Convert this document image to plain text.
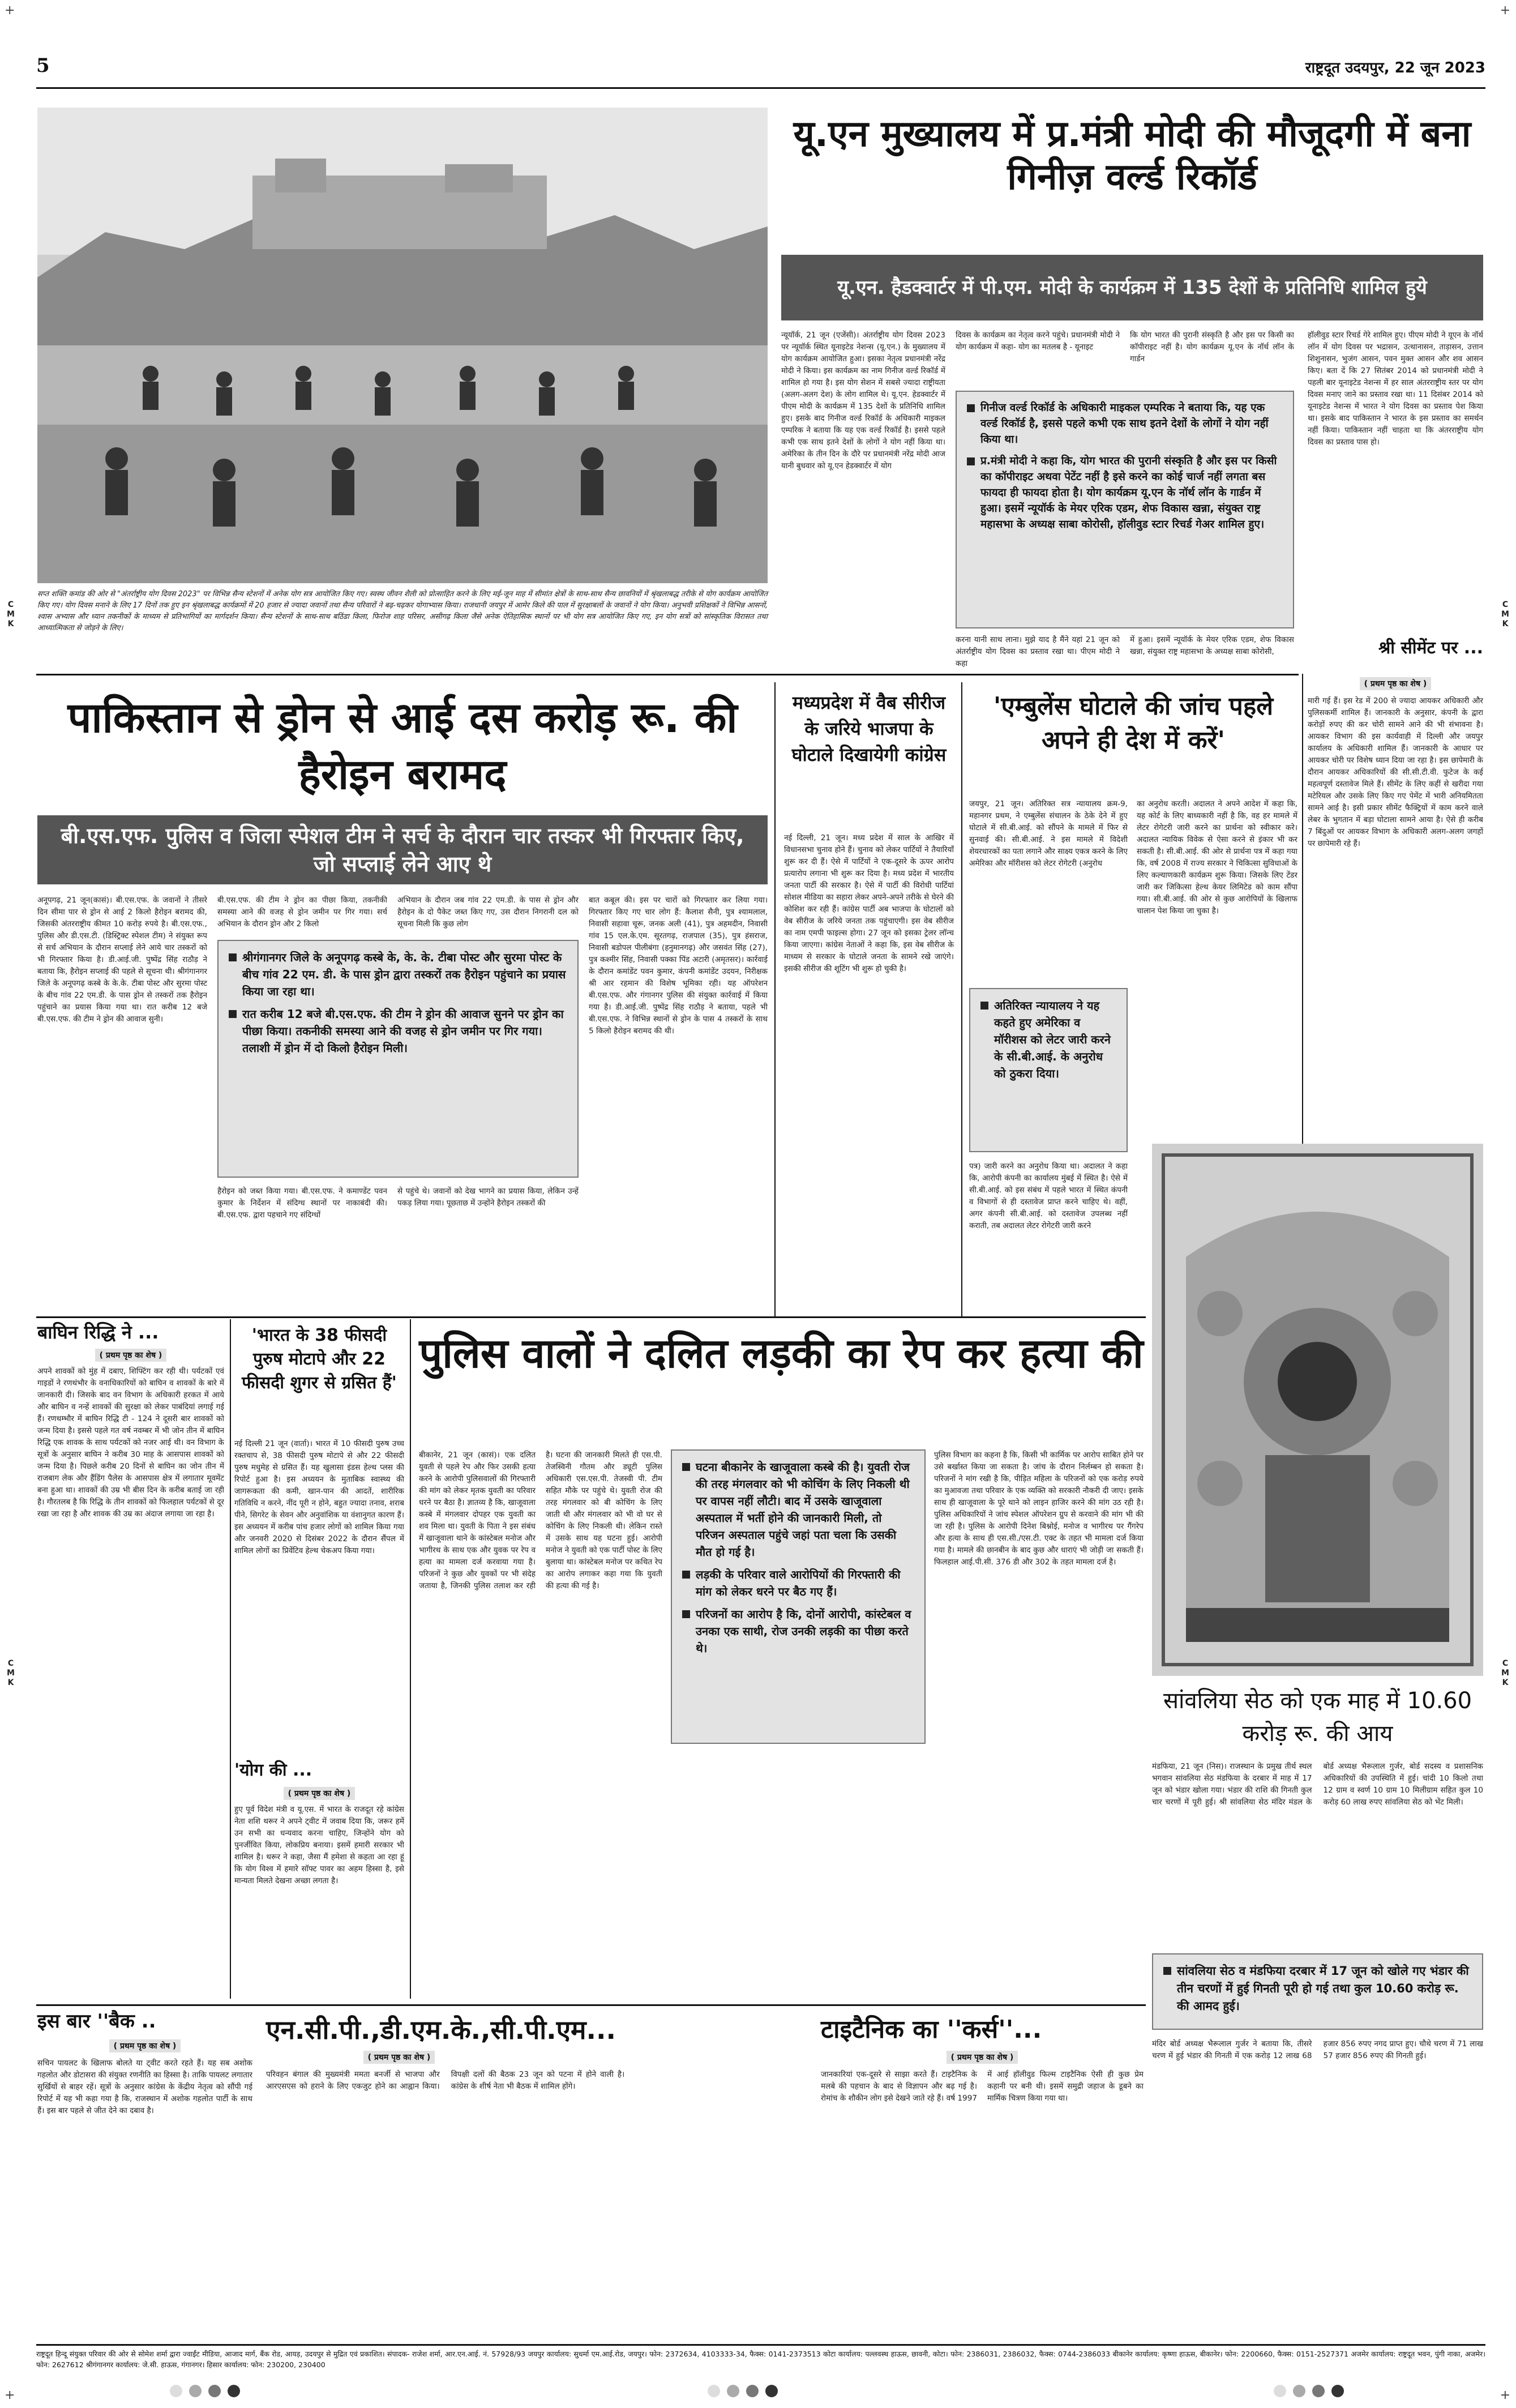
+	+
+	+
C
M
K
C
M
K
C
M
K
C
M
K
5	राष्ट्रदूत उदयपुर, 22 जून 2023
सप्त शक्ति कमांड की ओर से "अंतर्राष्ट्रीय योग दिवस 2023" पर विभिन्न सैन्य स्टेशनों में अनेक योग सत्र आयोजित किए गए। स्वस्थ जीवन शैली को प्रोत्साहित करने के लिए मई-जून माह में सीमांत क्षेत्रों के साथ-साथ सैन्य छावनियों में श्रृंखलाबद्ध तरीके से योग कार्यक्रम आयोजित किए गए। योग दिवस मनाने के लिए 17 दिनों तक हुए इन श्रृंखलाबद्ध कार्यक्रमों में 20 हजार से ज्यादा जवानों तथा सैन्य परिवारों ने बढ़-चढ़कर योगाभ्यास किया। राजधानी जयपुर में आमेर किले की पाल में सुरक्षाबलों के जवानों ने योग किया। अनुभवी प्रशिक्षकों ने विभिन्न आसनों, श्वास अभ्यास और ध्यान तकनीकों के माध्यम से प्रतिभागियों का मार्गदर्शन किया। सैन्य स्टेशनों के साथ-साथ बठिंडा किला, फिरोज शाह परिसर, असीगढ़ किला जैसे अनेक ऐतिहासिक स्थानों पर भी योग सत्र आयोजित किए गए, इन योग सत्रों को सांस्कृतिक विरासत तथा आध्यात्मिकता से जोड़ने के लिए।
यू.एन मुख्यालय में प्र.मंत्री मोदी की मौजूदगी में बना गिनीज़ वर्ल्ड रिकॉर्ड
यू.एन. हैडक्वार्टर में पी.एम. मोदी के कार्यक्रम में 135 देशों के प्रतिनिधि शामिल हुये
न्यूयॉर्क, 21 जून (एजेंसी)। अंतर्राष्ट्रीय योग दिवस 2023 पर न्यूयॉर्क स्थित यूनाइटेड नेशन्स (यू.एन.) के मुख्यालय में योग कार्यक्रम आयोजित हुआ। इसका नेतृत्व प्रधानमंत्री नरेंद्र मोदी ने किया। इस कार्यक्रम का नाम गिनीज वर्ल्ड रिकॉर्ड में शामिल हो गया है। इस योग सेशन में सबसे ज्यादा राष्ट्रीयता (अलग-अलग देश) के लोग शामिल थे। यू.एन. हेडक्वार्टर में पीएम मोदी के कार्यक्रम में 135 देशों के प्रतिनिधि शामिल हुए। इसके बाद गिनीज वर्ल्ड रिकॉर्ड के अधिकारी माइकल एम्परिक ने बताया कि यह एक वर्ल्ड रिकॉर्ड है। इससे पहले कभी एक साथ इतने देशों के लोगों ने योग नहीं किया था। अमेरिका के तीन दिन के दौरे पर प्रधानमंत्री नरेंद्र मोदी आज यानी बुधवार को यू.एन हेडक्वार्टर में योग
दिवस के कार्यक्रम का नेतृत्व करने पहुंचे। प्रधानमंत्री मोदी ने योग कार्यक्रम में कहा- योग का मतलब है - यूनाइट
कि योग भारत की पुरानी संस्कृति है और इस पर किसी का कॉपीराइट नहीं है। योग कार्यक्रम यू.एन के नॉर्थ लॉन के गार्डन
गिनीज वर्ल्ड रिकॉर्ड के अधिकारी माइकल एम्परिक ने बताया कि, यह एक वर्ल्ड रिकॉर्ड है, इससे पहले कभी एक साथ इतने देशों के लोगों ने योग नहीं किया था।
प्र.मंत्री मोदी ने कहा कि, योग भारत की पुरानी संस्कृति है और इस पर किसी का कॉपीराइट अथवा पेटेंट नहीं है इसे करने का कोई चार्ज नहीं लगता बस फायदा ही फायदा होता है। योग कार्यक्रम यू.एन के नॉर्थ लॉन के गार्डन में हुआ। इसमें न्यूयॉर्क के मेयर एरिक एडम, शेफ विकास खन्ना, संयुक्त राष्ट्र महासभा के अध्यक्ष साबा कोरोसी, हॉलीवुड स्टार रिचर्ड गेअर शामिल हुए।
करना यानी साथ लाना। मुझे याद है मैंने यहां 21 जून को अंतर्राष्ट्रीय योग दिवस का प्रस्ताव रखा था। पीएम मोदी ने कहा
में हुआ। इसमें न्यूयॉर्क के मेयर एरिक एडम, शेफ विकास खन्ना, संयुक्त राष्ट्र महासभा के अध्यक्ष साबा कोरोसी,
हॉलीवुड स्टार रिचर्ड गेरे शामिल हुए। पीएम मोदी ने यूएन के नॉर्थ लॉन में योग दिवस पर भद्रासन, उत्थानासन, ताड़ासन, उत्तान शिशुनासन, भुजंग आसन, पवन मुक्त आसन और शव आसन किए। बता दें कि 27 सितंबर 2014 को प्रधानमंत्री मोदी ने पहली बार यूनाइटेड नेशन्स में हर साल अंतरराष्ट्रीय स्तर पर योग दिवस मनाए जाने का प्रस्ताव रखा था। 11 दिसंबर 2014 को यूनाइटेड नेशन्स में भारत ने योग दिवस का प्रस्ताव पेश किया था। इसके बाद पाकिस्तान ने भारत के इस प्रस्ताव का समर्थन नहीं किया। पाकिस्तान नहीं चाहता था कि अंतरराष्ट्रीय योग दिवस का प्रस्ताव पास हो।
श्री सीमेंट पर ...
पाकिस्तान से ड्रोन से आई दस करोड़ रू. की हैरोइन बरामद
बी.एस.एफ. पुलिस व जिला स्पेशल टीम ने सर्च के दौरान चार तस्कर भी गिरफ्तार किए, जो सप्लाई लेने आए थे
अनूपगढ़, 21 जून(कासं)। बी.एस.एफ. के जवानों ने तीसरे दिन सीमा पार से ड्रोन से आई 2 किलो हैरोइन बरामद की, जिसकी अंतरराष्ट्रीय कीमत 10 करोड़ रुपये है। बी.एस.एफ., पुलिस और डी.एस.टी. (डिस्ट्रिक्ट स्पेशल टीम) ने संयुक्त रूप से सर्च अभियान के दौरान सप्लाई लेने आये चार तस्करों को भी गिरफ्तार किया है। डी.आई.जी. पुष्पेंद्र सिंह राठौड़ ने बताया कि, हैरोइन सप्लाई की पहले से सूचना थी। श्रीगंगानगर जिले के अनूपगढ़ कस्बे के के.के. टीबा पोस्ट और सुरमा पोस्ट के बीच गांव 22 एम.डी. के पास ड्रोन से तस्करों तक हैरोइन पहुंचाने का प्रयास किया गया था। रात करीब 12 बजे बी.एस.एफ. की टीम ने ड्रोन की आवाज सुनी।
बी.एस.एफ. की टीम ने ड्रोन का पीछा किया, तकनीकी समस्या आने की वजह से ड्रोन जमीन पर गिर गया। सर्च अभियान के दौरान ड्रोन और 2 किलो
अभियान के दौरान जब गांव 22 एम.डी. के पास से ड्रोन और हैरोइन के दो पैकेट जब्त किए गए, उस दौरान निगरानी दल को सूचना मिली कि कुछ लोग
श्रीगंगानगर जिले के अनूपगढ़ कस्बे के, के. के. टीबा पोस्ट और सुरमा पोस्ट के बीच गांव 22 एम. डी. के पास ड्रोन द्वारा तस्करों तक हैरोइन पहुंचाने का प्रयास किया जा रहा था।
रात करीब 12 बजे बी.एस.एफ. की टीम ने ड्रोन की आवाज सुनने पर ड्रोन का पीछा किया। तकनीकी समस्या आने की वजह से ड्रोन जमीन पर गिर गया। तलाशी में ड्रोन में दो किलो हैरोइन मिली।
हैरोइन को जब्त किया गया। बी.एस.एफ. ने कमाण्डेंट पवन कुमार के निर्देशन में संदिग्ध स्थानों पर नाकाबंदी की। बी.एस.एफ. द्वारा पहचाने गए संदिग्धों
से पहुंचे थे। जवानों को देख भागने का प्रयास किया, लेकिन उन्हें पकड़ लिया गया। पूछताछ में उन्होंने हैरोइन तस्करों की
बात कबूल की। इस पर चारों को गिरफ्तार कर लिया गया। गिरफ्तार किए गए चार लोग हैं: कैलाश सैनी, पुत्र श्यामलाल, निवासी सहावा चूरू, जनक अली (41), पुत्र अहमदीन, निवासी गांव 15 एल.के.एम. सूरतगढ़, राजपाल (35), पुत्र हंसराज, निवासी बडोपल पीलीबंगा (हनुमानगढ़) और जसवंत सिंह (27), पुत्र कश्मीर सिंह, निवासी पक्का पिंड अटारी (अमृतसर)। कार्रवाई के दौरान कमांडेंट पवन कुमार, कंपनी कमांडेंट उदयन, निरीक्षक श्री आर रहमान की विशेष भूमिका रही। यह ऑपरेशन बी.एस.एफ. और गंगानगर पुलिस की संयुक्त कार्रवाई में किया गया है। डी.आई.जी. पुष्पेंद्र सिंह राठौड़ ने बताया, पहले भी बी.एस.एफ. ने विभिन्न स्थानों से ड्रोन के पास 4 तस्करों के साथ 5 किलो हैरोइन बरामद की थी।
मध्यप्रदेश में वैब सीरीज के जरिये भाजपा के घोटाले दिखायेगी कांग्रेस
नई दिल्ली, 21 जून। मध्य प्रदेश में साल के आखिर में विधानसभा चुनाव होने हैं। चुनाव को लेकर पार्टियों ने तैयारियाँ शुरू कर दी हैं। ऐसे में पार्टियों ने एक-दूसरे के ऊपर आरोप प्रत्यारोप लगाना भी शुरू कर दिया है। मध्य प्रदेश में भारतीय जनता पार्टी की सरकार है। ऐसे में पार्टी की विरोधी पार्टियां सोशल मीडिया का सहारा लेकर अपने-अपने तरीके से घेरने की कोशिश कर रही हैं। कांग्रेस पार्टी अब भाजपा के घोटालों को वेब सीरीज के जरिये जनता तक पहुंचाएगी। इस वेब सीरीज का नाम एमपी फाइल्स होगा। 27 जून को इसका ट्रेलर लॉन्च किया जाएगा। कांग्रेस नेताओं ने कहा कि, इस वेब सीरीज के माध्यम से सरकार के घोटाले जनता के सामने रखे जाएंगे। इसकी सीरीज की शूटिंग भी शुरू हो चुकी है।
'एम्बुलेंस घोटाले की जांच पहले अपने ही देश में करें'
जयपुर, 21 जून। अतिरिक्त सत्र न्यायालय क्रम-9, महानगर प्रथम, ने एम्बुलेंस संचालन के ठेके देने में हुए घोटाले में सी.बी.आई. को सौंपने के मामले में फिर से सुनवाई की। सी.बी.आई. ने इस मामले में विदेशी शेयरधारकों का पता लगाने और साक्ष्य एकत्र करने के लिए अमेरिका और मॉरीशस को लेटर रोगेटरी (अनुरोध
अतिरिक्त न्यायालय ने यह कहते हुए अमेरिका व मॉरीशस को लेटर जारी करने के सी.बी.आई. के अनुरोध को ठुकरा दिया।
पत्र) जारी करने का अनुरोध किया था। अदालत ने कहा कि, आरोपी कंपनी का कार्यालय मुंबई में स्थित है। ऐसे में सी.बी.आई. को इस संबंध में पहले भारत में स्थित कंपनी व विभागों से ही दस्तावेज प्राप्त करने चाहिए थे। वहीं, अगर कंपनी सी.बी.आई. को दस्तावेज उपलब्ध नहीं कराती, तब अदालत लेटर रोगेटरी जारी करने
का अनुरोध करती। अदालत ने अपने आदेश में कहा कि, यह कोर्ट के लिए बाध्यकारी नहीं है कि, वह हर मामले में लेटर रोगेटरी जारी करने का प्रार्थना को स्वीकार करे। अदालत न्यायिक विवेक से ऐसा करने से इंकार भी कर सकती है। सी.बी.आई. की ओर से प्रार्थना पत्र में कहा गया कि, वर्ष 2008 में राज्य सरकार ने चिकित्सा सुविधाओं के लिए कल्याणकारी कार्यक्रम शुरू किया। जिसके लिए टेंडर जारी कर जिकित्सा हेल्थ केयर लिमिटेड को काम सौंपा गया। सी.बी.आई. की ओर से कुछ आरोपियों के खिलाफ चालान पेश किया जा चुका है।
( प्रथम पृष्ठ का शेष )
मारी गई हैं। इस रेड में 200 से ज्यादा आयकर अधिकारी और पुलिसकर्मी शामिल हैं। जानकारी के अनुसार, कंपनी के द्वारा करोड़ों रुपए की कर चोरी सामने आने की भी संभावना है। आयकर विभाग की इस कार्यवाही में दिल्ली और जयपुर कार्यालय के अधिकारी शामिल हैं। जानकारी के आधार पर आयकर चोरी पर विशेष ध्यान दिया जा रहा है। इस छापेमारी के दौरान आयकर अधिकारियों की सी.सी.टी.वी. फुटेज के कई महत्वपूर्ण दस्तावेज मिले हैं। सीमेंट के लिए कहीं से खरीदा गया मटेरियल और उसके लिए किए गए पेमेंट में भारी अनियमितता सामने आई है। इसी प्रकार सीमेंट फैक्ट्रियों में काम करने वाले लेबर के भुगतान में बड़ा घोटाला सामने आया है। ऐसे ही करीब 7 बिंदुओं पर आयकर विभाग के अधिकारी अलग-अलग जगहों पर छापेमारी रहे हैं।
सांवलिया सेठ को एक माह में 10.60 करोड़ रू. की आय
मंडफिया, 21 जून (निस)। राजस्थान के प्रमुख तीर्थ स्थल भगवान सांवलिया सेठ मंडफिया के दरबार में माह में 17 जून को भंडार खोला गया। भंडार की राशि की गिनती कुल चार चरणों में पूरी हुई। श्री सांवलिया सेठ मंदिर मंडल के बोर्ड अध्यक्ष भैरूलाल गुर्जर, बोर्ड सदस्य व प्रशासनिक अधिकारियों की उपस्थिति में हुई। चांदी 10 किलो तथा 12 ग्राम व स्वर्ण 10 ग्राम 10 मिलीग्राम सहित कुल 10 करोड़ 60 लाख रुपए सांवलिया सेठ को भेंट मिली।
सांवलिया सेठ व मंडफिया दरबार में 17 जून को खोले गए भंडार की तीन चरणों में हुई गिनती पूरी हो गई तथा कुल 10.60 करोड़ रू. की आमद हुई।
बाघिन रिद्धि ने ...
( प्रथम पृष्ठ का शेष )
अपने शावकों को मुंह में दबाए, शिफ्टिंग कर रही थी। पर्यटकों एवं गाइडों ने रणथंभौर के वनाधिकारियों को बाघिन व शावकों के बारे में जानकारी दी। जिसके बाद वन विभाग के अधिकारी हरकत में आये और बाघिन व नन्हें शावकों की सुरक्षा को लेकर पाबंदियां लगाई गई हैं। रणथम्भौर में बाघिन रिद्धि टी - 124 ने दूसरी बार शावकों को जन्म दिया है। इससे पहले गत वर्ष नवम्बर में भी जोन तीन में बाघिन रिद्धि एक शावक के साथ पर्यटकों को नजर आई थी। वन विभाग के सूत्रों के अनुसार बाघिन ने करीब 30 माह के आसपास शावकों को जन्म दिया है। पिछले करीब 20 दिनों से बाघिन का जोन तीन में राजबाग लेक और हैंडिंग पैलेस के आसपास क्षेत्र में लगातार मूवमेंट बना हुआ था। शावकों की उम्र भी बीस दिन के करीब बताई जा रही है। गौरतलब है कि रिद्धि के तीन शावकों को फिलहाल पर्यटकों से दूर रखा जा रहा है और शावक की उम्र का अंदाज लगाया जा रहा है।
'भारत के 38 फीसदी पुरुष मोटापे और 22 फीसदी शुगर से ग्रसित हैं'
नई दिल्ली 21 जून (वार्ता)। भारत में 10 फीसदी पुरुष उच्च रक्तचाप से, 38 फीसदी पुरुष मोटापे से और 22 फीसदी पुरुष मधुमेह से ग्रसित हैं। यह खुलासा इंडस हेल्थ प्लस की रिपोर्ट हुआ है। इस अध्ययन के मुताबिक स्वास्थ्य की जागरूकता की कमी, खान-पान की आदतें, शारीरिक गतिविधि न करने, नींद पूरी न होने, बहुत ज्यादा तनाव, शराब पीने, सिगरेट के सेवन और अनुवांशिक या वंशानुगत कारण हैं। इस अध्ययन में करीब पांच हजार लोगों को शामिल किया गया और जनवरी 2020 से दिसंबर 2022 के दौरान सैंपल में शामिल लोगों का प्रिवेंटिव हेल्थ चेकअप किया गया।
'योग की ...
( प्रथम पृष्ठ का शेष )
हुए पूर्व विदेश मंत्री व यू.एस. में भारत के राजदूत रहे कांग्रेस नेता शशि थरूर ने अपने ट्वीट में जवाब दिया कि, जरूर हमें उन सभी का धन्यवाद करना चाहिए, जिन्होंने योग को पुनर्जीवित किया, लोकप्रिय बनाया। इसमें हमारी सरकार भी शामिल है। थरूर ने कहा, जैसा मैं हमेशा से कहता आ रहा हूं कि योग विश्व में हमारे सॉफ्ट पावर का अहम हिस्सा है, इसे मान्यता मिलते देखना अच्छा लगता है।
पुलिस वालों ने दलित लड़की का रेप कर हत्या की
बीकानेर, 21 जून (कासं)। एक दलित युवती से पहले रेप और फिर उसकी हत्या करने के आरोपी पुलिसवालों की गिरफ्तारी की मांग को लेकर मृतक युवती का परिवार धरने पर बैठा है। ज्ञातव्य है कि, खाजूवाला कस्बे में मंगलवार दोपहर एक युवती का शव मिला था। युवती के पिता ने इस संबंध में खाजूवाला थाने के कांस्टेबल मनोज और भागीरथ के साथ एक और युवक पर रेप व हत्या का मामला दर्ज करवाया गया है। परिजनों ने कुछ और युवकों पर भी संदेह जताया है, जिनकी पुलिस तलाश कर रही है। घटना की जानकारी मिलते ही एस.पी. तेजस्विनी गौतम और ड्यूटी पुलिस अधिकारी एस.एस.पी. तेजस्वी पी. टीम सहित मौके पर पहुंचे थे। युवती रोज की तरह मंगलवार को बी कोचिंग के लिए जाती थी और मंगलवार को भी वो घर से कोचिंग के लिए निकली थी। लेकिन रास्ते में उसके साथ यह घटना हुई। आरोपी मनोज ने युवती को एक पार्टी पोस्ट के लिए बुलाया था। कांस्टेबल मनोज पर कथित रेप का आरोप लगाकर कहा गया कि युवती की हत्या की गई है।
घटना बीकानेर के खाजूवाला कस्बे की है। युवती रोज की तरह मंगलवार को भी कोचिंग के लिए निकली थी पर वापस नहीं लौटी। बाद में उसके खाजूवाला अस्पताल में भर्ती होने की जानकारी मिली, तो परिजन अस्पताल पहुंचे जहां पता चला कि उसकी मौत हो गई है।
लड़की के परिवार वाले आरोपियों की गिरफ्तारी की मांग को लेकर धरने पर बैठ गए हैं।
परिजनों का आरोप है कि, दोनों आरोपी, कांस्टेबल व उनका एक साथी, रोज उनकी लड़की का पीछा करते थे।
पुलिस विभाग का कहना है कि, किसी भी कार्मिक पर आरोप साबित होने पर उसे बर्खास्त किया जा सकता है। जांच के दौरान निर्लम्बन हो सकता है। परिजनों ने मांग रखी है कि, पीड़ित महिला के परिजनों को एक करोड़ रुपये का मुआवजा तथा परिवार के एक व्यक्ति को सरकारी नौकरी दी जाए। इसके साथ ही खाजूवाला के पूरे थाने को लाइन हाजिर करने की मांग उठ रही है। पुलिस अधिकारियों ने जांच स्पेशल ऑपरेशन ग्रुप से करवाने की मांग भी की जा रही है। पुलिस के आरोपी दिनेश बिश्नोई, मनोज व भागीरथ पर गैंगरेप और हत्या के साथ ही एस.सी./एस.टी. एक्ट के तहत भी मामला दर्ज किया गया है। मामले की छानबीन के बाद कुछ और धाराएं भी जोड़ी जा सकती हैं। फिलहाल आई.पी.सी. 376 डी और 302 के तहत मामला दर्ज है।
इस बार ''बैक ..
( प्रथम पृष्ठ का शेष )
सचिन पायलट के खिलाफ बोलते या ट्वीट करते रहते हैं। यह सब अशोक गहलोत और डोटासरा की संयुक्त रणनीति का हिस्सा है। ताकि पायलट लगातार सुर्खियों से बाहर रहें। सूत्रों के अनुसार कांग्रेस के केंद्रीय नेतृत्व को सौंपी गई रिपोर्ट में यह भी कहा गया है कि, राजस्थान में अशोक गहलोत पार्टी के साथ हैं। इस बार पहले से जीत देने का दबाव है।
एन.सी.पी.,डी.एम.के.,सी.पी.एम...
( प्रथम पृष्ठ का शेष )
परिवहन बंगाल की मुख्यमंत्री ममता बनर्जी से भाजपा और आरएसएस को हराने के लिए एकजुट होने का आह्वान किया। विपक्षी दलों की बैठक 23 जून को पटना में होने वाली है। कांग्रेस के शीर्ष नेता भी बैठक में शामिल होंगे।
टाइटैनिक का ''कर्स''...
( प्रथम पृष्ठ का शेष )
जानकारियां एक-दूसरे से साझा करते हैं। टाइटैनिक के मलबे की पहचान के बाद से विज्ञापन और बढ़ गई है। रोमांच के शौकीन लोग इसे देखने जाते रहे हैं। वर्ष 1997 में आई हॉलीवुड फिल्म टाइटैनिक ऐसी ही कुछ प्रेम कहानी पर बनी थी। इसमें समुद्री जहाज के डूबने का मार्मिक चित्रण किया गया था।
मंदिर बोर्ड अध्यक्ष भैरूलाल गुर्जर ने बताया कि, तीसरे चरण में हुई भंडार की गिनती में एक करोड़ 12 लाख 68 हजार 856 रुपए नगद प्राप्त हुए। चौथे चरण में 71 लाख 57 हजार 856 रुपए की गिनती हुई।
राष्ट्रदूत हिन्दू संयुक्त परिवार की ओर से सोमेश शर्मा द्वारा ज्वाईंट मीडिया, आजाद मार्ग, बैंक रोड, आयड़, उदयपुर से मुद्रित एवं प्रकाशित। संपादक- राजेश शर्मा, आर.एन.आई. नं. 57928/93 जयपुर कार्यालय: सुधर्मा एम.आई.रोड, जयपुर। फोन: 2372634, 4103333-34, फैक्स: 0141-2373513 कोटा कार्यालय: पल्लवस्थ हाऊस, छावनी, कोटा। फोन: 2386031, 2386032, फैक्स: 0744-2386033 बीकानेर कार्यालय: कृष्णा हाऊस, बीकानेर। फोन: 2200660, फैक्स: 0151-2527371 अजमेर कार्यालय: राष्ट्रदूत भवन, पुंगी नाका, अजमेर। फोन: 2627612 श्रीगंगानगर कार्यालय: जे.सी. हाऊस, गंगानगर। हिसार कार्यालय: फोन: 230200, 230400
